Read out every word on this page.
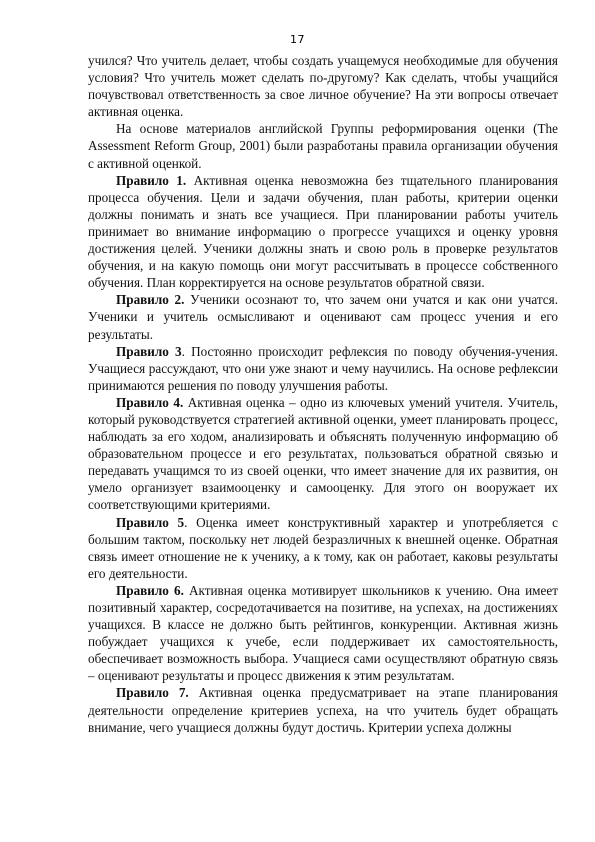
17

учился? Что учитель делает, чтобы создать учащемуся необходимые для обучения условия? Что учитель может сделать по-другому? Как сделать, чтобы учащийся почувствовал ответственность за свое личное обучение? На эти вопросы отвечает активная оценка.

На основе материалов английской Группы реформирования оценки (The Assessment Reform Group, 2001) были разработаны правила организации обучения с активной оценкой.

Правило 1. Активная оценка невозможна без тщательного планирования процесса обучения. Цели и задачи обучения, план работы, критерии оценки должны понимать и знать все учащиеся. При планировании работы учитель принимает во внимание информацию о прогрессе учащихся и оценку уровня достижения целей. Ученики должны знать и свою роль в проверке результатов обучения, и на какую помощь они могут рассчитывать в процессе собственного обучения. План корректируется на основе результатов обратной связи.

Правило 2. Ученики осознают то, что зачем они учатся и как они учатся. Ученики и учитель осмысливают и оценивают сам процесс учения и его результаты.

Правило 3. Постоянно происходит рефлексия по поводу обучения-учения. Учащиеся рассуждают, что они уже знают и чему научились. На основе рефлексии принимаются решения по поводу улучшения работы.

Правило 4. Активная оценка – одно из ключевых умений учителя. Учитель, который руководствуется стратегией активной оценки, умеет планировать процесс, наблюдать за его ходом, анализировать и объяснять полученную информацию об образовательном процессе и его результатах, пользоваться обратной связью и передавать учащимся то из своей оценки, что имеет значение для их развития, он умело организует взаимооценку и самооценку. Для этого он вооружает их соответствующими критериями.

Правило 5. Оценка имеет конструктивный характер и употребляется с большим тактом, поскольку нет людей безразличных к внешней оценке. Обратная связь имеет отношение не к ученику, а к тому, как он работает, каковы результаты его деятельности.

Правило 6. Активная оценка мотивирует школьников к учению. Она имеет позитивный характер, сосредотачивается на позитиве, на успехах, на достижениях учащихся. В классе не должно быть рейтингов, конкуренции. Активная жизнь побуждает учащихся к учебе, если поддерживает их самостоятельность, обеспечивает возможность выбора. Учащиеся сами осуществляют обратную связь – оценивают результаты и процесс движения к этим результатам.

Правило 7. Активная оценка предусматривает на этапе планирования деятельности определение критериев успеха, на что учитель будет обращать внимание, чего учащиеся должны будут достичь. Критерии успеха должны
